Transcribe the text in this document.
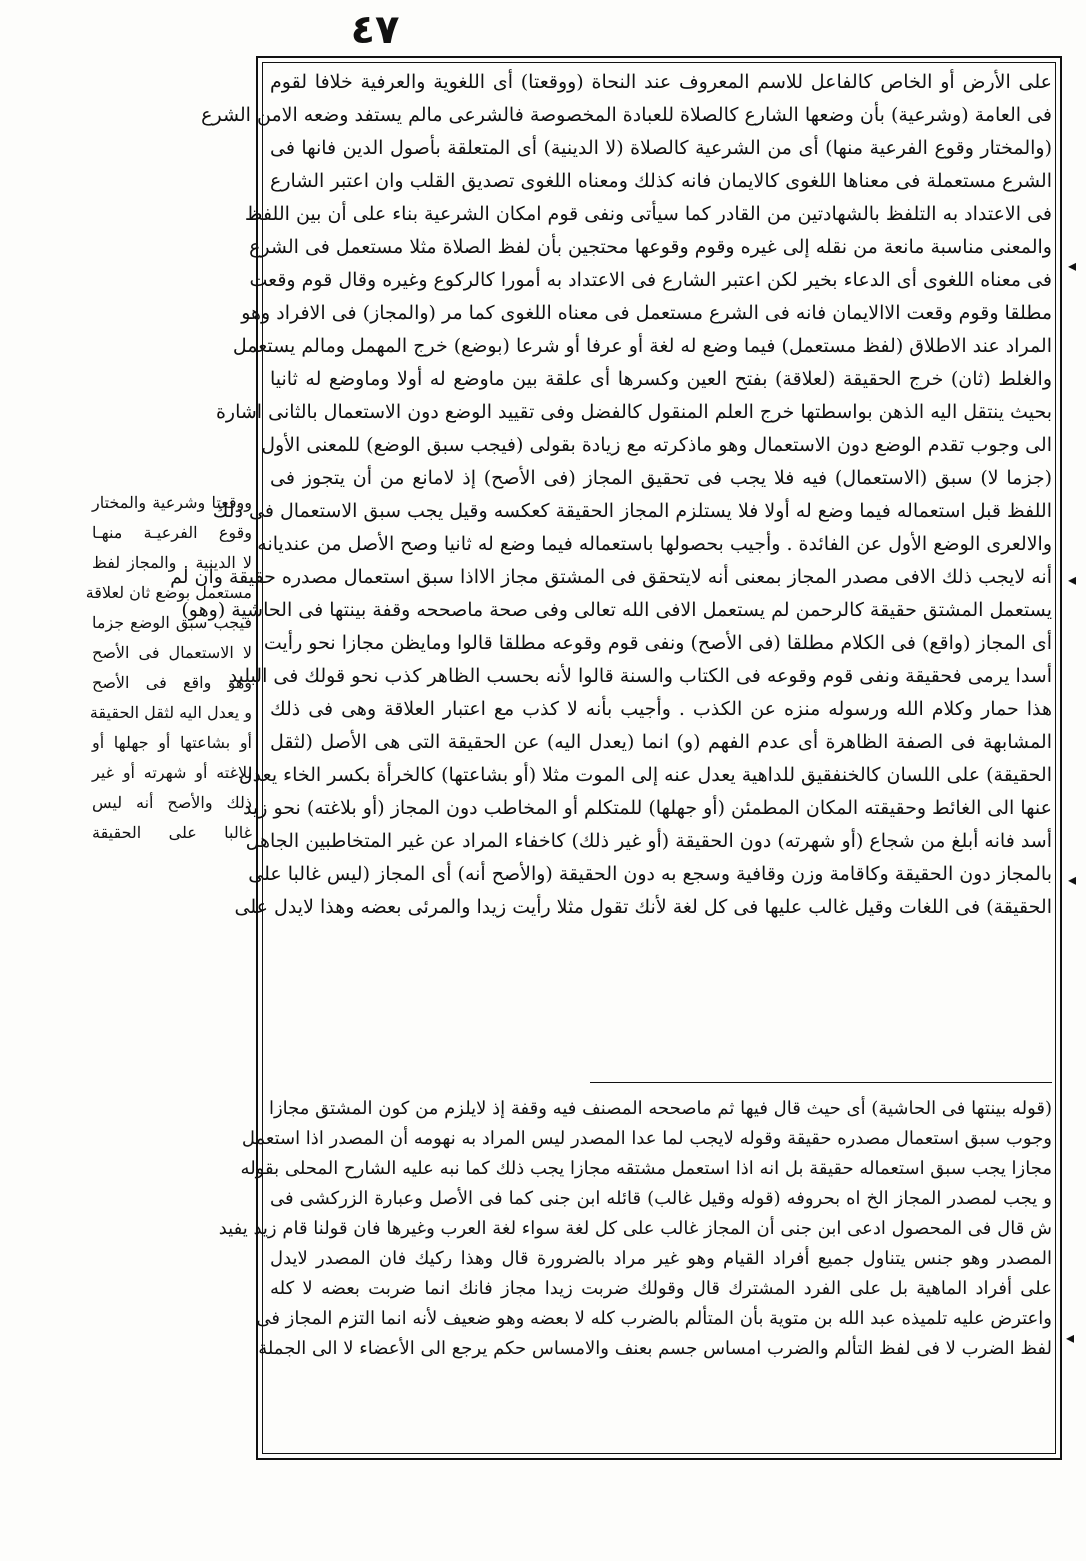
٤٧
على الأرض أو الخاص كالفاعل للاسم المعروف عند النحاة (ووقعتا) أى اللغوية والعرفية خلافا لقوم
فى العامة (وشرعية) بأن وضعها الشارع كالصلاة للعبادة المخصوصة فالشرعى مالم يستفد وضعه الامن الشرع
(والمختار وقوع الفرعية منها) أى من الشرعية كالصلاة (لا الدينية) أى المتعلقة بأصول الدين فانها فى
الشرع مستعملة فى معناها اللغوى كالايمان فانه كذلك ومعناه اللغوى تصديق القلب وان اعتبر الشارع
فى الاعتداد به التلفظ بالشهادتين من القادر كما سيأتى ونفى قوم امكان الشرعية بناء على أن بين اللفظ
والمعنى مناسبة مانعة من نقله إلى غيره وقوم وقوعها محتجين بأن لفظ الصلاة مثلا مستعمل فى الشرع
فى معناه اللغوى أى الدعاء بخير لكن اعتبر الشارع فى الاعتداد به أمورا كالركوع وغيره وقال قوم وقعت
مطلقا وقوم وقعت الاالايمان فانه فى الشرع مستعمل فى معناه اللغوى كما مر (والمجاز) فى الافراد وهو
المراد عند الاطلاق (لفظ مستعمل) فيما وضع له لغة أو عرفا أو شرعا (بوضع) خرج المهمل ومالم يستعمل
والغلط (ثان) خرج الحقيقة (لعلاقة) بفتح العين وكسرها أى علقة بين ماوضع له أولا وماوضع له ثانيا
بحيث ينتقل اليه الذهن بواسطتها خرج العلم المنقول كالفضل وفى تقييد الوضع دون الاستعمال بالثانى اشارة
الى وجوب تقدم الوضع دون الاستعمال وهو ماذكرته مع زيادة بقولى (فيجب سبق الوضع) للمعنى الأول
(جزما لا) سبق (الاستعمال) فيه فلا يجب فى تحقيق المجاز (فى الأصح) إذ لامانع من أن يتجوز فى
اللفظ قبل استعماله فيما وضع له أولا فلا يستلزم المجاز الحقيقة كعكسه وقيل يجب سبق الاستعمال فى ذلك
والالعرى الوضع الأول عن الفائدة . وأجيب بحصولها باستعماله فيما وضع له ثانيا وصح الأصل من عنديانه
أنه لايجب ذلك الافى مصدر المجاز بمعنى أنه لايتحقق فى المشتق مجاز الااذا سبق استعمال مصدره حقيقة وان لم
يستعمل المشتق حقيقة كالرحمن لم يستعمل الافى الله تعالى وفى صحة ماصححه وقفة بينتها فى الحاشية (وهو)
أى المجاز (واقع) فى الكلام مطلقا (فى الأصح) ونفى قوم وقوعه مطلقا قالوا ومايظن مجازا نحو رأيت
أسدا يرمى فحقيقة ونفى قوم وقوعه فى الكتاب والسنة قالوا لأنه بحسب الظاهر كذب نحو قولك فى البليد
هذا حمار وكلام الله ورسوله منزه عن الكذب . وأجيب بأنه لا كذب مع اعتبار العلاقة وهى فى ذلك
المشابهة فى الصفة الظاهرة أى عدم الفهم (و) انما (يعدل اليه) عن الحقيقة التى هى الأصل (لثقل
الحقيقة) على اللسان كالخنفقيق للداهية يعدل عنه إلى الموت مثلا (أو بشاعتها) كالخرأة بكسر الخاء يعدل
عنها الى الغائط وحقيقته المكان المطمئن (أو جهلها) للمتكلم أو المخاطب دون المجاز (أو بلاغته) نحو زيد
أسد فانه أبلغ من شجاع (أو شهرته) دون الحقيقة (أو غير ذلك) كاخفاء المراد عن غير المتخاطبين الجاهل
بالمجاز دون الحقيقة وكاقامة وزن وقافية وسجع به دون الحقيقة (والأصح أنه) أى المجاز (ليس غالبا على
الحقيقة) فى اللغات وقيل غالب عليها فى كل لغة لأنك تقول مثلا رأيت زيدا والمرئى بعضه وهذا لايدل على
(قوله بينتها فى الحاشية) أى حيث قال فيها ثم ماصححه المصنف فيه وقفة إذ لايلزم من كون المشتق مجازا
وجوب سبق استعمال مصدره حقيقة وقوله لايجب لما عدا المصدر ليس المراد به نهومه أن المصدر اذا استعمل
مجازا يجب سبق استعماله حقيقة بل انه اذا استعمل مشتقه مجازا يجب ذلك كما نبه عليه الشارح المحلى بقوله
و يجب لمصدر المجاز الخ اه بحروفه (قوله وقيل غالب) قائله ابن جنى كما فى الأصل وعبارة الزركشى فى
ش قال فى المحصول ادعى ابن جنى أن المجاز غالب على كل لغة سواء لغة العرب وغيرها فان قولنا قام زيد يفيد
المصدر وهو جنس يتناول جميع أفراد القيام وهو غير مراد بالضرورة قال وهذا ركيك فان المصدر لايدل
على أفراد الماهية بل على الفرد المشترك قال وقولك ضربت زيدا مجاز فانك انما ضربت بعضه لا كله
واعترض عليه تلميذه عبد الله بن متوية بأن المتألم بالضرب كله لا بعضه وهو ضعيف لأنه انما التزم المجاز فى
لفظ الضرب لا فى لفظ التألم والضرب امساس جسم بعنف والامساس حكم يرجع الى الأعضاء لا الى الجملة
ووقعتا وشرعية والمختار
وقوع الفرعيـة منهـا
لا الدينية . والمجاز لفظ
مستعمل بوضع ثان لعلاقة
فيجب سبق الوضع جزما
لا الاستعمال فى الأصح
وهو واقع فى الأصح
و يعدل اليه لثقل الحقيقة
أو بشاعتها أو جهلها أو
بلاغته أو شهرته أو غير
ذلك والأصح أنه ليس
غالبا على الحقيقة
◂
◂
◂
◂
